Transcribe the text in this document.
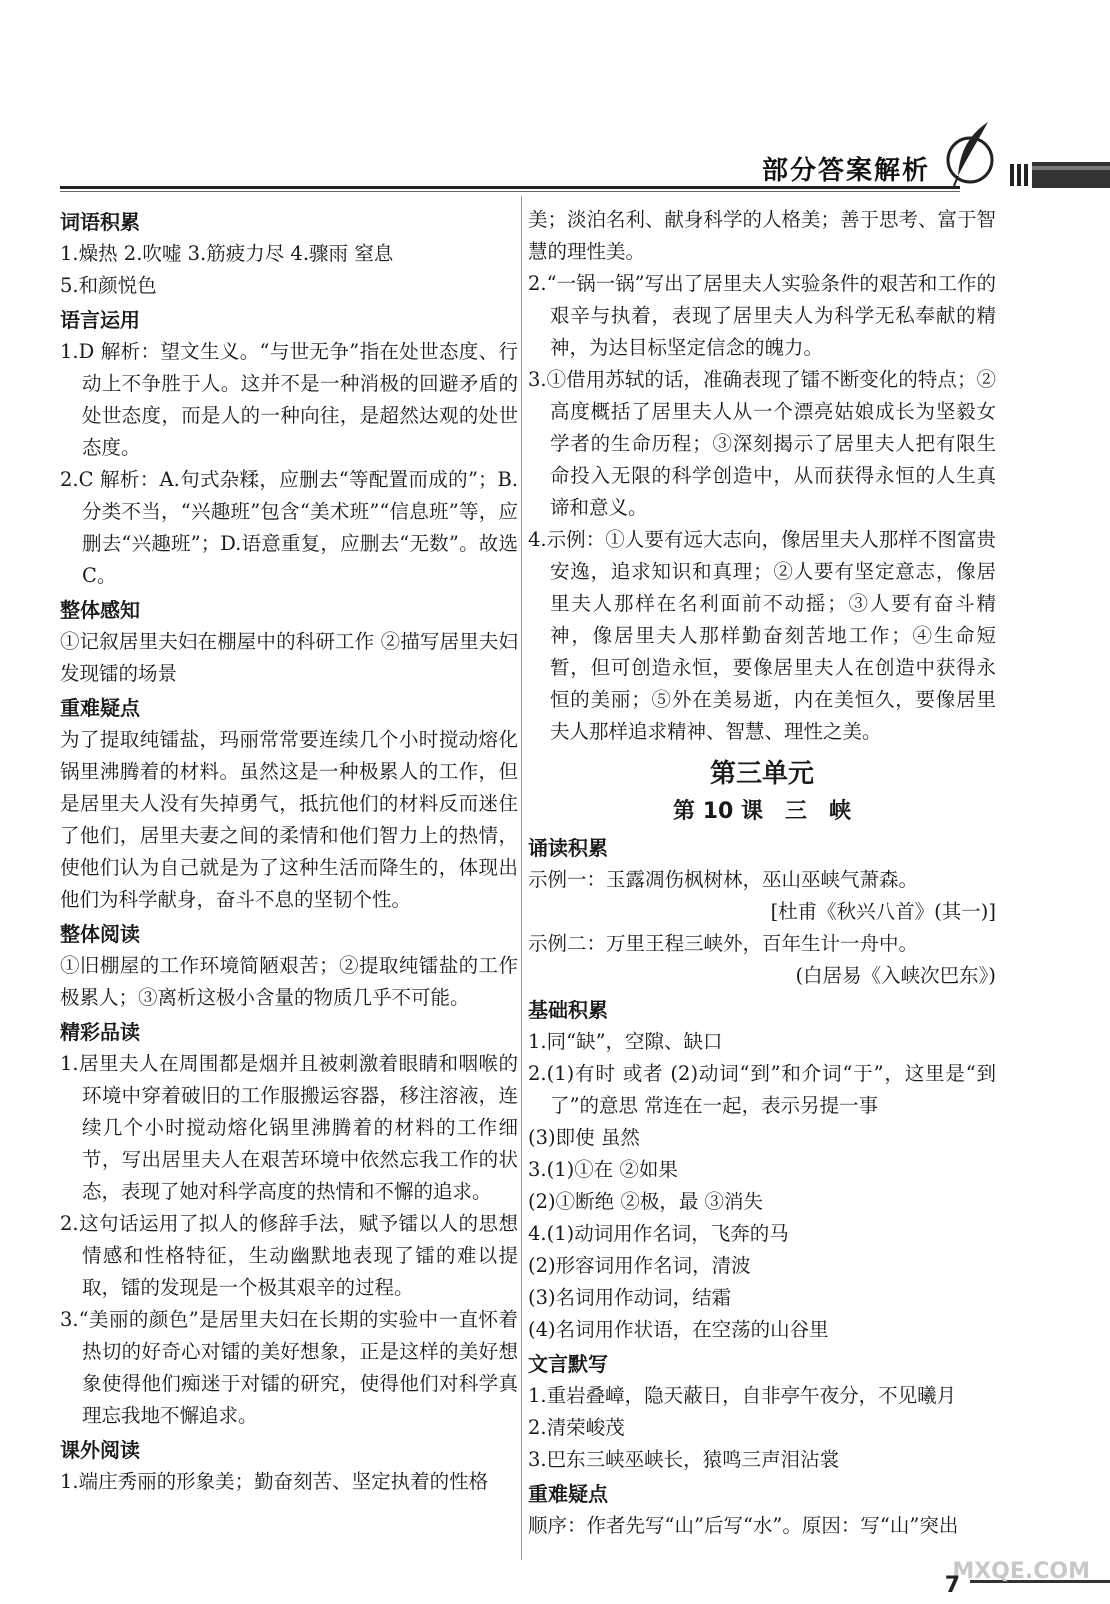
部分答案解析
词语积累
1.燥热 2.吹嘘 3.筋疲力尽 4.骤雨 窒息
5.和颜悦色
语言运用
1.D 解析：望文生义。“与世无争”指在处世态度、行动上不争胜于人。这并不是一种消极的回避矛盾的处世态度，而是人的一种向往，是超然达观的处世态度。
2.C 解析：A.句式杂糅，应删去“等配置而成的”；B.分类不当，“兴趣班”包含“美术班”“信息班”等，应删去“兴趣班”；D.语意重复，应删去“无数”。故选C。
整体感知
①记叙居里夫妇在棚屋中的科研工作 ②描写居里夫妇发现镭的场景
重难疑点
为了提取纯镭盐，玛丽常常要连续几个小时搅动熔化锅里沸腾着的材料。虽然这是一种极累人的工作，但是居里夫人没有失掉勇气，抵抗他们的材料反而迷住了他们，居里夫妻之间的柔情和他们智力上的热情，使他们认为自己就是为了这种生活而降生的，体现出他们为科学献身，奋斗不息的坚韧个性。
整体阅读
①旧棚屋的工作环境简陋艰苦；②提取纯镭盐的工作极累人；③离析这极小含量的物质几乎不可能。
精彩品读
1.居里夫人在周围都是烟并且被刺激着眼睛和咽喉的环境中穿着破旧的工作服搬运容器，移注溶液，连续几个小时搅动熔化锅里沸腾着的材料的工作细节，写出居里夫人在艰苦环境中依然忘我工作的状态，表现了她对科学高度的热情和不懈的追求。
2.这句话运用了拟人的修辞手法，赋予镭以人的思想情感和性格特征，生动幽默地表现了镭的难以提取，镭的发现是一个极其艰辛的过程。
3.“美丽的颜色”是居里夫妇在长期的实验中一直怀着热切的好奇心对镭的美好想象，正是这样的美好想象使得他们痴迷于对镭的研究，使得他们对科学真理忘我地不懈追求。
课外阅读
1.端庄秀丽的形象美；勤奋刻苦、坚定执着的性格
美；淡泊名利、献身科学的人格美；善于思考、富于智慧的理性美。
2.“一锅一锅”写出了居里夫人实验条件的艰苦和工作的艰辛与执着，表现了居里夫人为科学无私奉献的精神，为达目标坚定信念的魄力。
3.①借用苏轼的话，准确表现了镭不断变化的特点；②高度概括了居里夫人从一个漂亮姑娘成长为坚毅女学者的生命历程；③深刻揭示了居里夫人把有限生命投入无限的科学创造中，从而获得永恒的人生真谛和意义。
4.示例：①人要有远大志向，像居里夫人那样不图富贵安逸，追求知识和真理；②人要有坚定意志，像居里夫人那样在名利面前不动摇；③人要有奋斗精神，像居里夫人那样勤奋刻苦地工作；④生命短暂，但可创造永恒，要像居里夫人在创造中获得永恒的美丽；⑤外在美易逝，内在美恒久，要像居里夫人那样追求精神、智慧、理性之美。
第三单元
第 10 课　三　峡
诵读积累
示例一：玉露凋伤枫树林，巫山巫峡气萧森。
[杜甫《秋兴八首》(其一)]
示例二：万里王程三峡外，百年生计一舟中。
(白居易《入峡次巴东》)
基础积累
1.同“缺”，空隙、缺口
2.(1)有时 或者 (2)动词“到”和介词“于”，这里是“到了”的意思 常连在一起，表示另提一事
(3)即使 虽然
3.(1)①在 ②如果
(2)①断绝 ②极，最 ③消失
4.(1)动词用作名词，飞奔的马
(2)形容词用作名词，清波
(3)名词用作动词，结霜
(4)名词用作状语，在空荡的山谷里
文言默写
1.重岩叠嶂，隐天蔽日，自非亭午夜分，不见曦月
2.清荣峻茂
3.巴东三峡巫峡长，猿鸣三声泪沾裳
重难疑点
顺序：作者先写“山”后写“水”。原因：写“山”突出
MXQE.COM
7
